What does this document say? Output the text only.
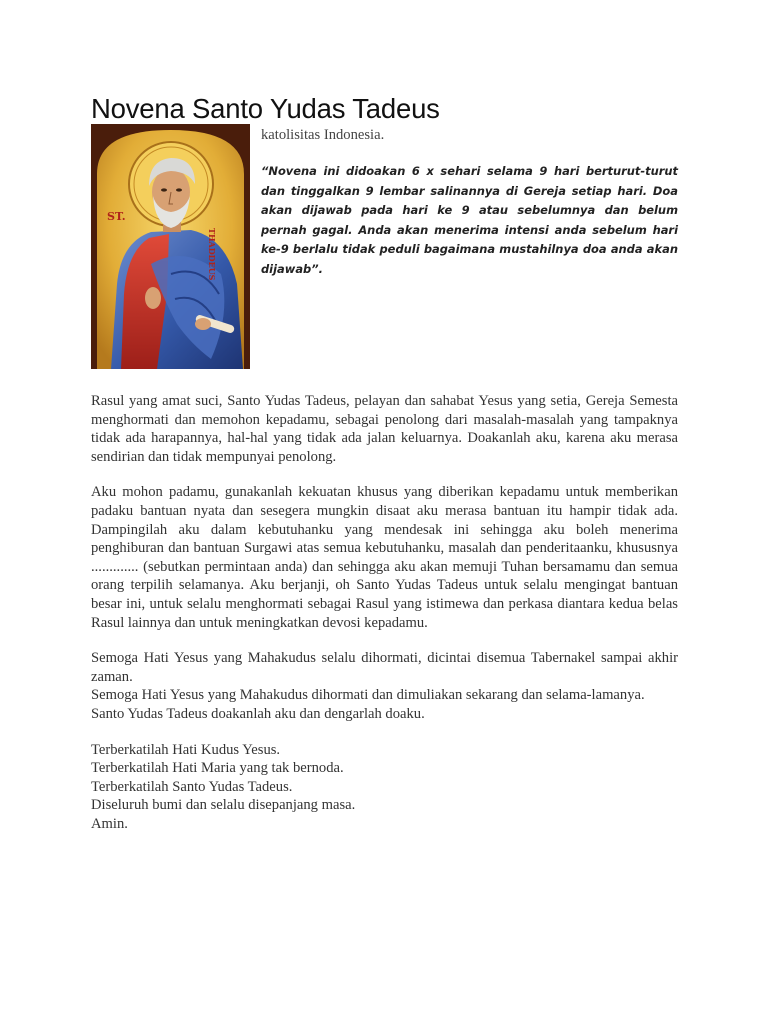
Novena Santo Yudas Tadeus
ST.
THADDEUS

katolisitas Indonesia.

“Novena ini didoakan 6 x sehari selama 9 hari berturut-turut dan tinggalkan 9 lembar salinannya di Gereja setiap hari. Doa akan dijawab pada hari ke 9 atau sebelumnya dan belum pernah gagal. Anda akan menerima intensi anda sebelum hari ke-9 berlalu tidak peduli bagaimana mustahilnya doa anda akan dijawab”.

Rasul yang amat suci, Santo Yudas Tadeus, pelayan dan sahabat Yesus yang setia, Gereja Semesta menghormati dan memohon kepadamu, sebagai penolong dari masalah-masalah yang tampaknya tidak ada harapannya, hal-hal yang tidak ada jalan keluarnya. Doakanlah aku, karena aku merasa sendirian dan tidak mempunyai penolong.

Aku mohon padamu, gunakanlah kekuatan khusus yang diberikan kepadamu untuk memberikan padaku bantuan nyata dan sesegera mungkin disaat aku merasa bantuan itu hampir tidak ada. Dampingilah aku dalam kebutuhanku yang mendesak ini sehingga aku boleh menerima penghiburan dan bantuan Surgawi atas semua kebutuhanku, masalah dan penderitaanku, khususnya ............. (sebutkan permintaan anda) dan sehingga aku akan memuji Tuhan bersamamu dan semua orang terpilih selamanya. Aku berjanji, oh Santo Yudas Tadeus untuk selalu mengingat bantuan besar ini, untuk selalu menghormati sebagai Rasul yang istimewa dan perkasa diantara kedua belas Rasul lainnya dan untuk meningkatkan devosi kepadamu.

Semoga Hati Yesus yang Mahakudus selalu dihormati, dicintai disemua Tabernakel sampai akhir zaman.

Semoga Hati Yesus yang Mahakudus dihormati dan dimuliakan sekarang dan selama-lamanya.

Santo Yudas Tadeus doakanlah aku dan dengarlah doaku.

Terberkatilah Hati Kudus Yesus.

Terberkatilah Hati Maria yang tak bernoda.

Terberkatilah Santo Yudas Tadeus.

Diseluruh bumi dan selalu disepanjang masa.

Amin.
